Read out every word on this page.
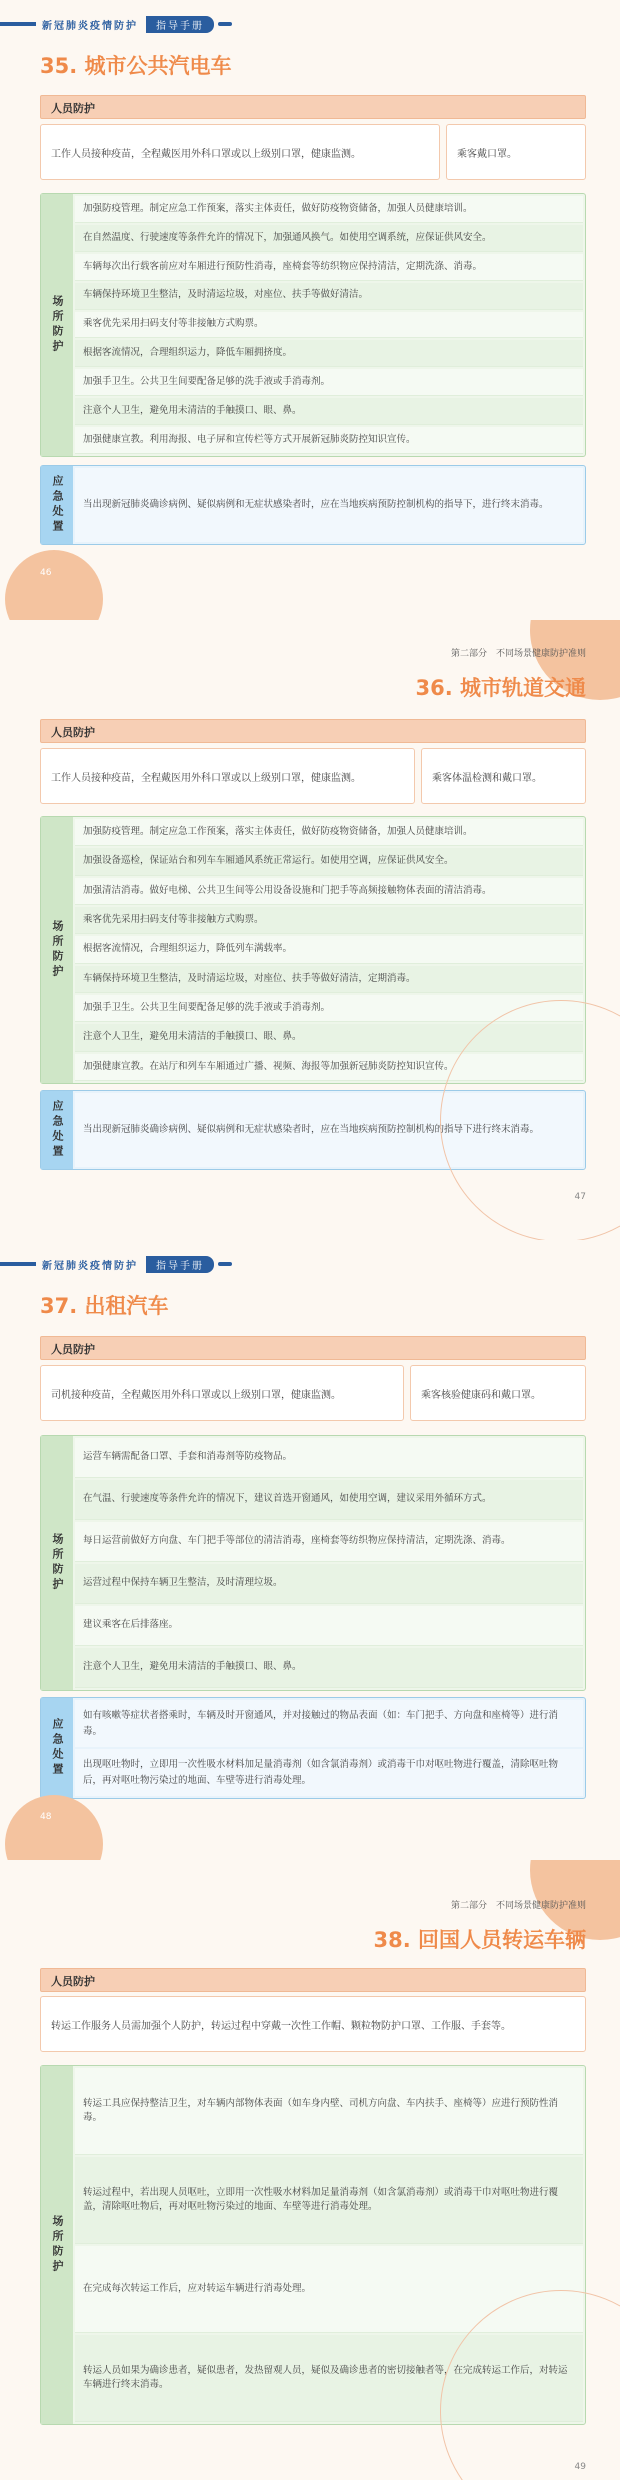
新冠肺炎疫情防护	指导手册
35. 城市公共汽电车
人员防护
工作人员接种疫苗，全程戴医用外科口罩或以上级别口罩，健康监测。	乘客戴口罩。
场所防护
加强防疫管理。制定应急工作预案，落实主体责任，做好防疫物资储备，加强人员健康培训。
在自然温度、行驶速度等条件允许的情况下，加强通风换气。如使用空调系统，应保证供风安全。
车辆每次出行载客前应对车厢进行预防性消毒，座椅套等纺织物应保持清洁，定期洗涤、消毒。
车辆保持环境卫生整洁，及时清运垃圾，对座位、扶手等做好清洁。
乘客优先采用扫码支付等非接触方式购票。
根据客流情况，合理组织运力，降低车厢拥挤度。
加强手卫生。公共卫生间要配备足够的洗手液或手消毒剂。
注意个人卫生，避免用未清洁的手触摸口、眼、鼻。
加强健康宣教。利用海报、电子屏和宣传栏等方式开展新冠肺炎防控知识宣传。
应急处置	当出现新冠肺炎确诊病例、疑似病例和无症状感染者时，应在当地疾病预防控制机构的指导下，进行终末消毒。
46
第二部分　不同场景健康防护准则
36. 城市轨道交通
人员防护
工作人员接种疫苗，全程戴医用外科口罩或以上级别口罩，健康监测。	乘客体温检测和戴口罩。
场所防护
加强防疫管理。制定应急工作预案，落实主体责任，做好防疫物资储备，加强人员健康培训。
加强设备巡检，保证站台和列车车厢通风系统正常运行。如使用空调，应保证供风安全。
加强清洁消毒。做好电梯、公共卫生间等公用设备设施和门把手等高频接触物体表面的清洁消毒。
乘客优先采用扫码支付等非接触方式购票。
根据客流情况，合理组织运力，降低列车满载率。
车辆保持环境卫生整洁，及时清运垃圾，对座位、扶手等做好清洁，定期消毒。
加强手卫生。公共卫生间要配备足够的洗手液或手消毒剂。
注意个人卫生，避免用未清洁的手触摸口、眼、鼻。
加强健康宣教。在站厅和列车车厢通过广播、视频、海报等加强新冠肺炎防控知识宣传。
应急处置	当出现新冠肺炎确诊病例、疑似病例和无症状感染者时，应在当地疾病预防控制机构的指导下进行终末消毒。
47
新冠肺炎疫情防护	指导手册
37. 出租汽车
人员防护
司机接种疫苗，全程戴医用外科口罩或以上级别口罩，健康监测。	乘客核验健康码和戴口罩。
场所防护
运营车辆需配备口罩、手套和消毒剂等防疫物品。
在气温、行驶速度等条件允许的情况下，建议首选开窗通风，如使用空调，建议采用外循环方式。
每日运营前做好方向盘、车门把手等部位的清洁消毒，座椅套等纺织物应保持清洁，定期洗涤、消毒。
运营过程中保持车辆卫生整洁，及时清理垃圾。
建议乘客在后排落座。
注意个人卫生，避免用未清洁的手触摸口、眼、鼻。
应急处置
如有咳嗽等症状者搭乘时，车辆及时开窗通风，并对接触过的物品表面（如：车门把手、方向盘和座椅等）进行消毒。
出现呕吐物时，立即用一次性吸水材料加足量消毒剂（如含氯消毒剂）或消毒干巾对呕吐物进行覆盖，清除呕吐物后，再对呕吐物污染过的地面、车壁等进行消毒处理。
48
第二部分　不同场景健康防护准则
38. 回国人员转运车辆
人员防护
转运工作服务人员需加强个人防护，转运过程中穿戴一次性工作帽、颗粒物防护口罩、工作服、手套等。
场所防护
转运工具应保持整洁卫生，对车辆内部物体表面（如车身内壁、司机方向盘、车内扶手、座椅等）应进行预防性消毒。
转运过程中，若出现人员呕吐，立即用一次性吸水材料加足量消毒剂（如含氯消毒剂）或消毒干巾对呕吐物进行覆盖，清除呕吐物后，再对呕吐物污染过的地面、车壁等进行消毒处理。
在完成每次转运工作后，应对转运车辆进行消毒处理。
转运人员如果为确诊患者，疑似患者，发热留观人员，疑似及确诊患者的密切接触者等，在完成转运工作后，对转运车辆进行终末消毒。
49
